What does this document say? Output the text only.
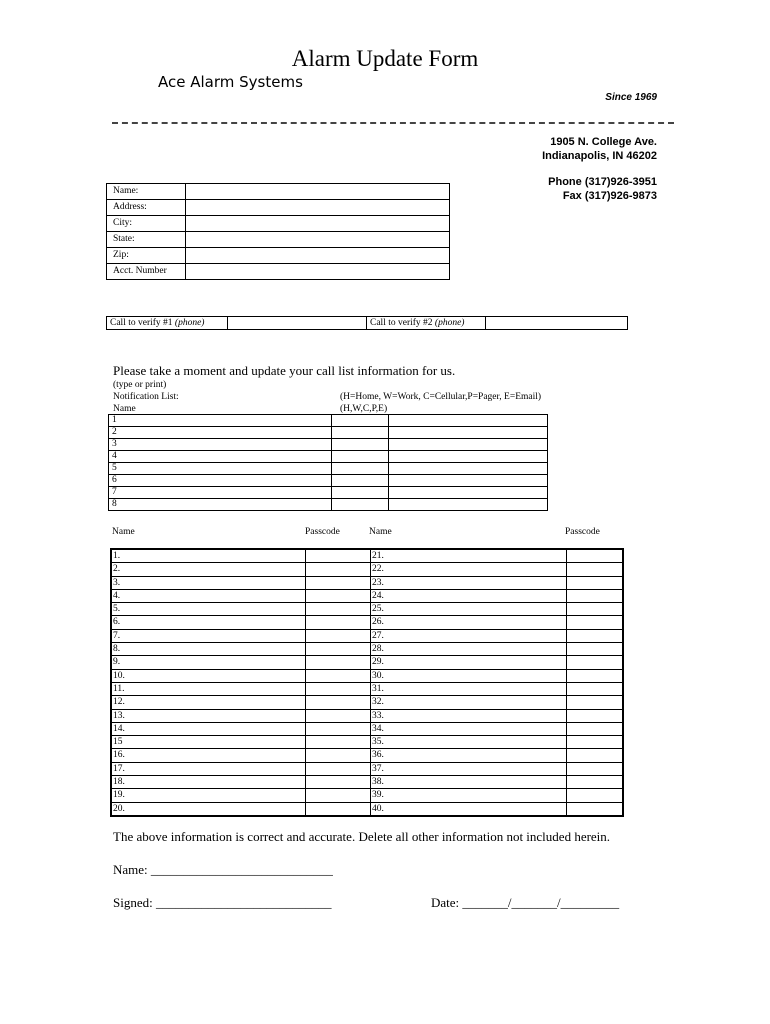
Alarm Update Form
Ace Alarm Systems
Since 1969
1905 N. College Ave.
Indianapolis, IN 46202
Phone (317)926-3951
Fax (317)926-9873
Name:	
Address:	
City:	
State:	
Zip:	
Acct. Number	
Call to verify #1 (phone)		Call to verify #2 (phone)	
Please take a moment and update your call list information for us.
(type or print)
Notification List:	(H=Home, W=Work, C=Cellular,P=Pager, E=Email)
Name	(H,W,C,P,E)
1		
2		
3		
4		
5		
6		
7		
8		
Name	Passcode	Name	Passcode
1.		21.	
2.		22.	
3.		23.	
4.		24.	
5.		25.	
6.		26.	
7.		27.	
8.		28.	
9.		29.	
10.		30.	
11.		31.	
12.		32.	
13.		33.	
14.		34.	
15		35.	
16.		36.	
17.		37.	
18.		38.	
19.		39.	
20.		40.	
The above information is correct and accurate. Delete all other information not included herein.
Name: ____________________________
Signed: ___________________________	Date: _______/_______/_________
